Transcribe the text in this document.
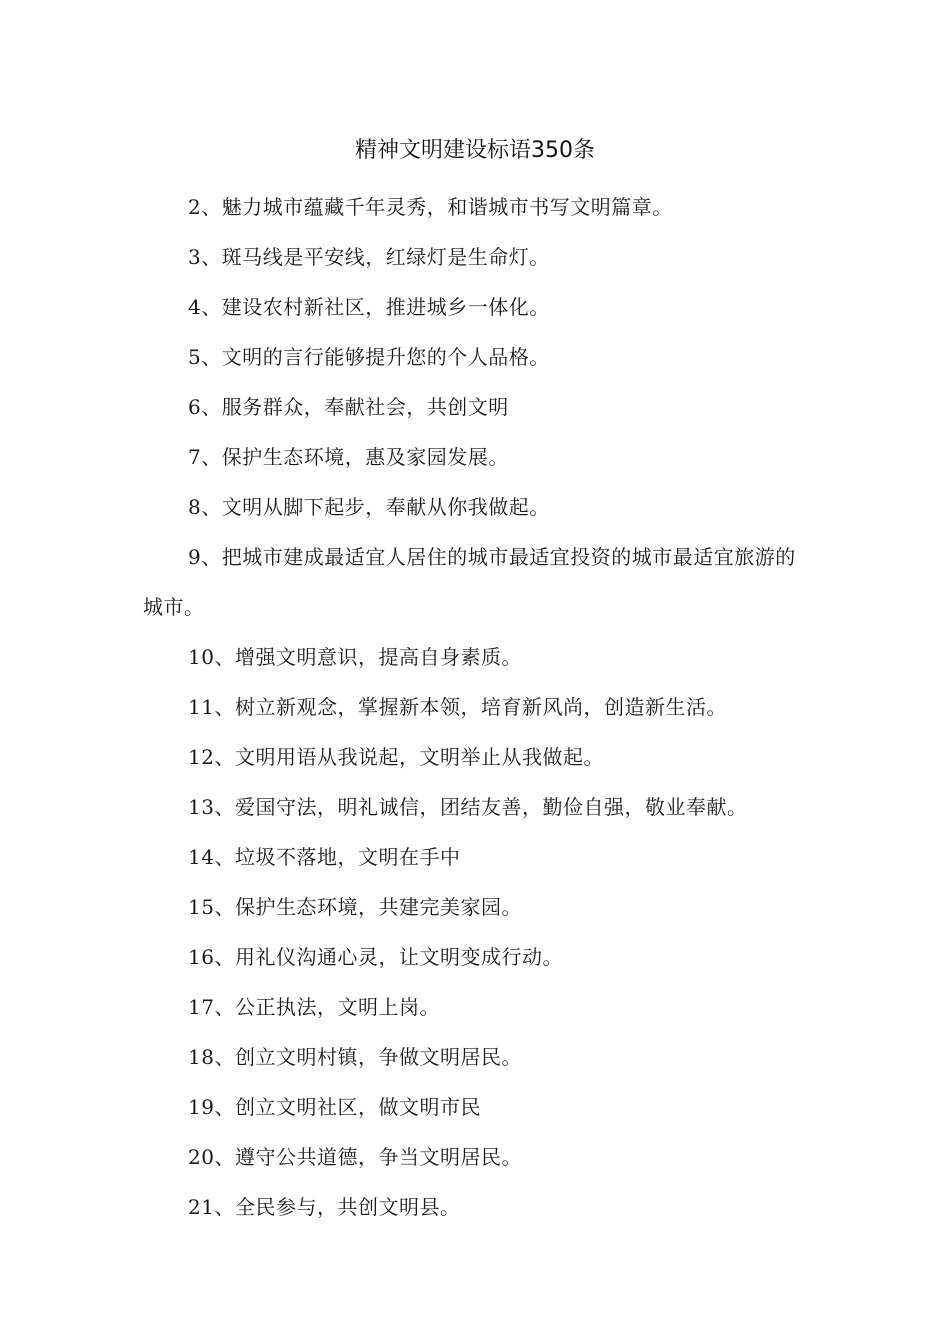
精神文明建设标语350条

2、魅力城市蕴藏千年灵秀，和谐城市书写文明篇章。

3、斑马线是平安线，红绿灯是生命灯。

4、建设农村新社区，推进城乡一体化。

5、文明的言行能够提升您的个人品格。

6、服务群众，奉献社会，共创文明

7、保护生态环境，惠及家园发展。

8、文明从脚下起步，奉献从你我做起。

9、把城市建成最适宜人居住的城市最适宜投资的城市最适宜旅游的城市。

10、增强文明意识，提高自身素质。

11、树立新观念，掌握新本领，培育新风尚，创造新生活。

12、文明用语从我说起，文明举止从我做起。

13、爱国守法，明礼诚信，团结友善，勤俭自强，敬业奉献。

14、垃圾不落地，文明在手中

15、保护生态环境，共建完美家园。

16、用礼仪沟通心灵，让文明变成行动。

17、公正执法，文明上岗。

18、创立文明村镇，争做文明居民。

19、创立文明社区，做文明市民

20、遵守公共道德，争当文明居民。

21、全民参与，共创文明县。
